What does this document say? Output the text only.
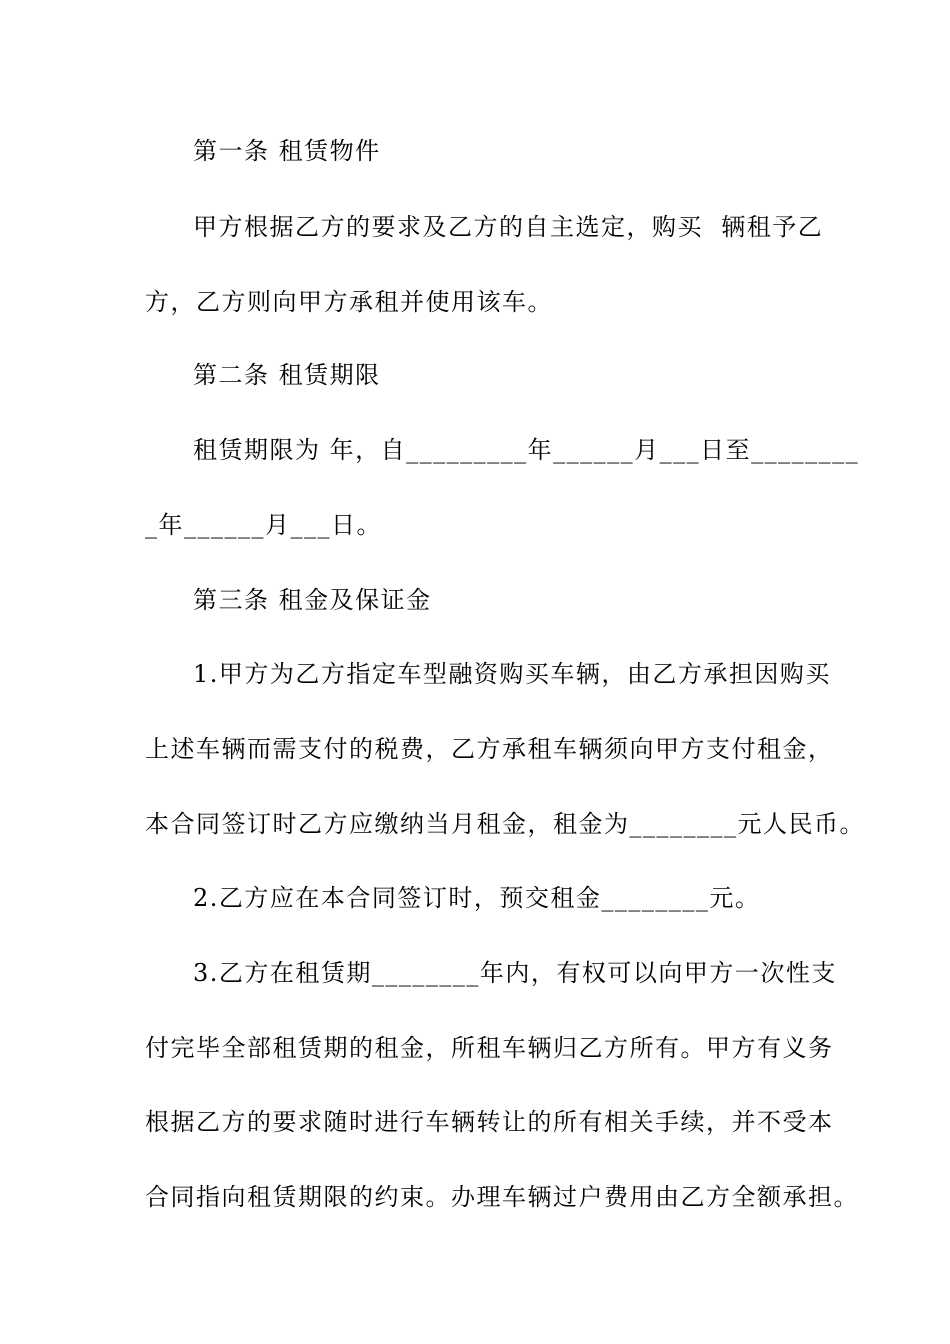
第一条 租赁物件
甲方根据乙方的要求及乙方的自主选定，购买  辆租予乙
方，乙方则向甲方承租并使用该车。
第二条 租赁期限
租赁期限为 年，自_________年______月___日至________
_年______月___日。
第三条 租金及保证金
1.甲方为乙方指定车型融资购买车辆，由乙方承担因购买
上述车辆而需支付的税费，乙方承租车辆须向甲方支付租金，
本合同签订时乙方应缴纳当月租金，租金为________元人民币。
2.乙方应在本合同签订时，预交租金________元。
3.乙方在租赁期________年内，有权可以向甲方一次性支
付完毕全部租赁期的租金，所租车辆归乙方所有。甲方有义务
根据乙方的要求随时进行车辆转让的所有相关手续，并不受本
合同指向租赁期限的约束。办理车辆过户费用由乙方全额承担。
